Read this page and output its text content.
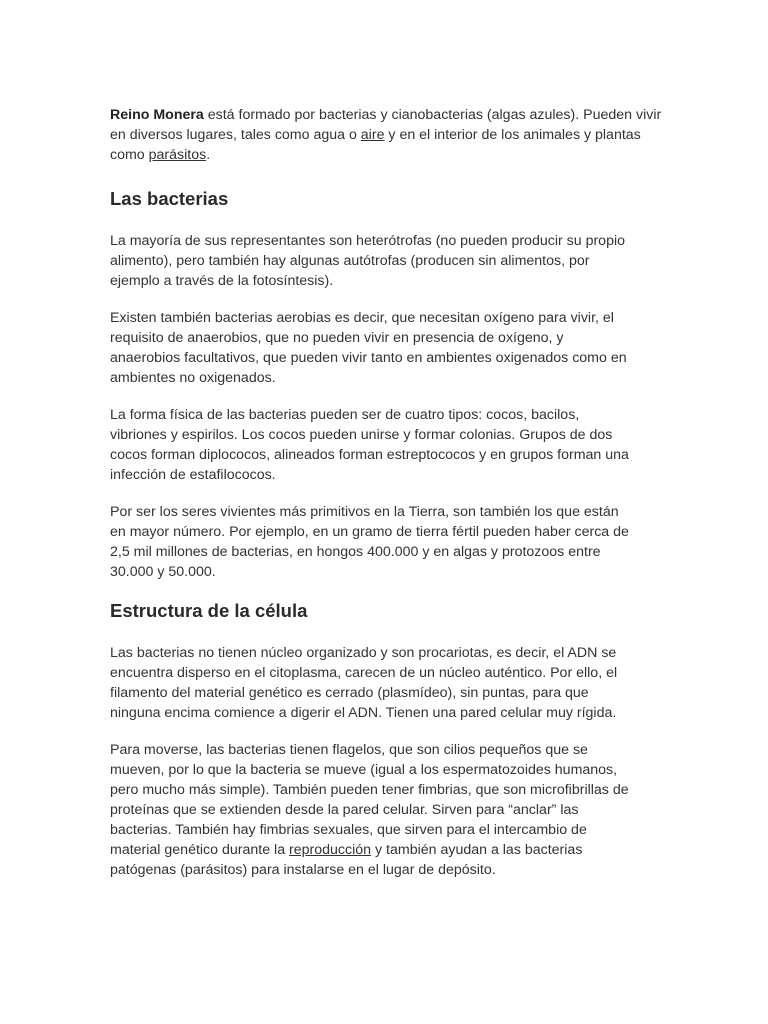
Reino Monera está formado por bacterias y cianobacterias (algas azules). Pueden vivir en diversos lugares, tales como agua o aire y en el interior de los animales y plantas como parásitos.

Las bacterias

La mayoría de sus representantes son heterótrofas (no pueden producir su propio
alimento), pero también hay algunas autótrofas (producen sin alimentos, por
ejemplo a través de la fotosíntesis).

Existen también bacterias aerobias es decir, que necesitan oxígeno para vivir, el
requisito de anaerobios, que no pueden vivir en presencia de oxígeno, y
anaerobios facultativos, que pueden vivir tanto en ambientes oxigenados como en
ambientes no oxigenados.

La forma física de las bacterias pueden ser de cuatro tipos: cocos, bacilos,
vibriones y espirilos. Los cocos pueden unirse y formar colonias. Grupos de dos
cocos forman diplococos, alineados forman estreptococos y en grupos forman una
infección de estafilococos.

Por ser los seres vivientes más primitivos en la Tierra, son también los que están
en mayor número. Por ejemplo, en un gramo de tierra fértil pueden haber cerca de
2,5 mil millones de bacterias, en hongos 400.000 y en algas y protozoos entre
30.000 y 50.000.

Estructura de la célula

Las bacterias no tienen núcleo organizado y son procariotas, es decir, el ADN se
encuentra disperso en el citoplasma, carecen de un núcleo auténtico. Por ello, el
filamento del material genético es cerrado (plasmídeo), sin puntas, para que
ninguna encima comience a digerir el ADN. Tienen una pared celular muy rígida.

Para moverse, las bacterias tienen flagelos, que son cilios pequeños que se
mueven, por lo que la bacteria se mueve (igual a los espermatozoides humanos,
pero mucho más simple). También pueden tener fimbrias, que son microfibrillas de
proteínas que se extienden desde la pared celular. Sirven para “anclar” las
bacterias. También hay fimbrias sexuales, que sirven para el intercambio de
material genético durante la reproducción y también ayudan a las bacterias
patógenas (parásitos) para instalarse en el lugar de depósito.
